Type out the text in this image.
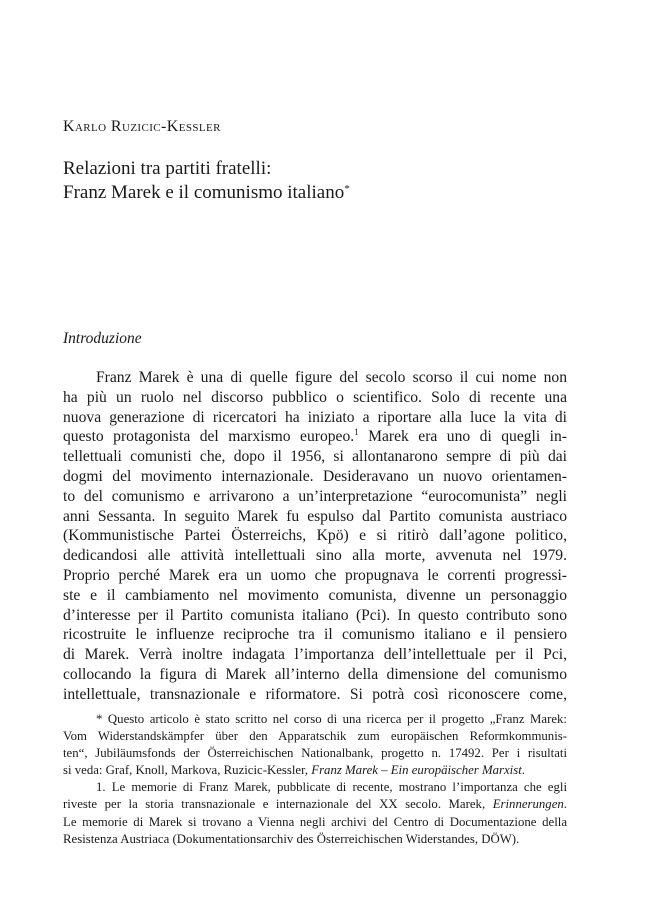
Karlo Ruzicic-Kessler
Relazioni tra partiti fratelli:
Franz Marek e il comunismo italiano*
Introduzione
Franz Marek è una di quelle figure del secolo scorso il cui nome non
ha più un ruolo nel discorso pubblico o scientifico. Solo di recente una
nuova generazione di ricercatori ha iniziato a riportare alla luce la vita di
questo protagonista del marxismo europeo.$^1$ Marek era uno di quegli in-
tellettuali comunisti che, dopo il 1956, si allontanarono sempre di più dai
dogmi del movimento internazionale. Desideravano un nuovo orientamen-
to del comunismo e arrivarono a un’interpretazione “eurocomunista” negli
anni Sessanta. In seguito Marek fu espulso dal Partito comunista austriaco
(Kommunistische Partei Österreichs, Kpö) e si ritirò dall’agone politico,
dedicandosi alle attività intellettuali sino alla morte, avvenuta nel 1979.
Proprio perché Marek era un uomo che propugnava le correnti progressi-
ste e il cambiamento nel movimento comunista, divenne un personaggio
d’interesse per il Partito comunista italiano (Pci). In questo contributo sono
ricostruite le influenze reciproche tra il comunismo italiano e il pensiero
di Marek. Verrà inoltre indagata l’importanza dell’intellettuale per il Pci,
collocando la figura di Marek all’interno della dimensione del comunismo
intellettuale, transnazionale e riformatore. Si potrà così riconoscere come,
* Questo articolo è stato scritto nel corso di una ricerca per il progetto „Franz Marek:
Vom Widerstandskämpfer über den Apparatschik zum europäischen Reformkommunis-
ten“, Jubiläumsfonds der Österreichischen Nationalbank, progetto n. 17492. Per i risultati
si veda: Graf, Knoll, Markova, Ruzicic-Kessler, Franz Marek – Ein europäischer Marxist.
1. Le memorie di Franz Marek, pubblicate di recente, mostrano l’importanza che egli
riveste per la storia transnazionale e internazionale del XX secolo. Marek, Erinnerungen.
Le memorie di Marek si trovano a Vienna negli archivi del Centro di Documentazione della
Resistenza Austriaca (Dokumentationsarchiv des Österreichischen Widerstandes, DÖW).
